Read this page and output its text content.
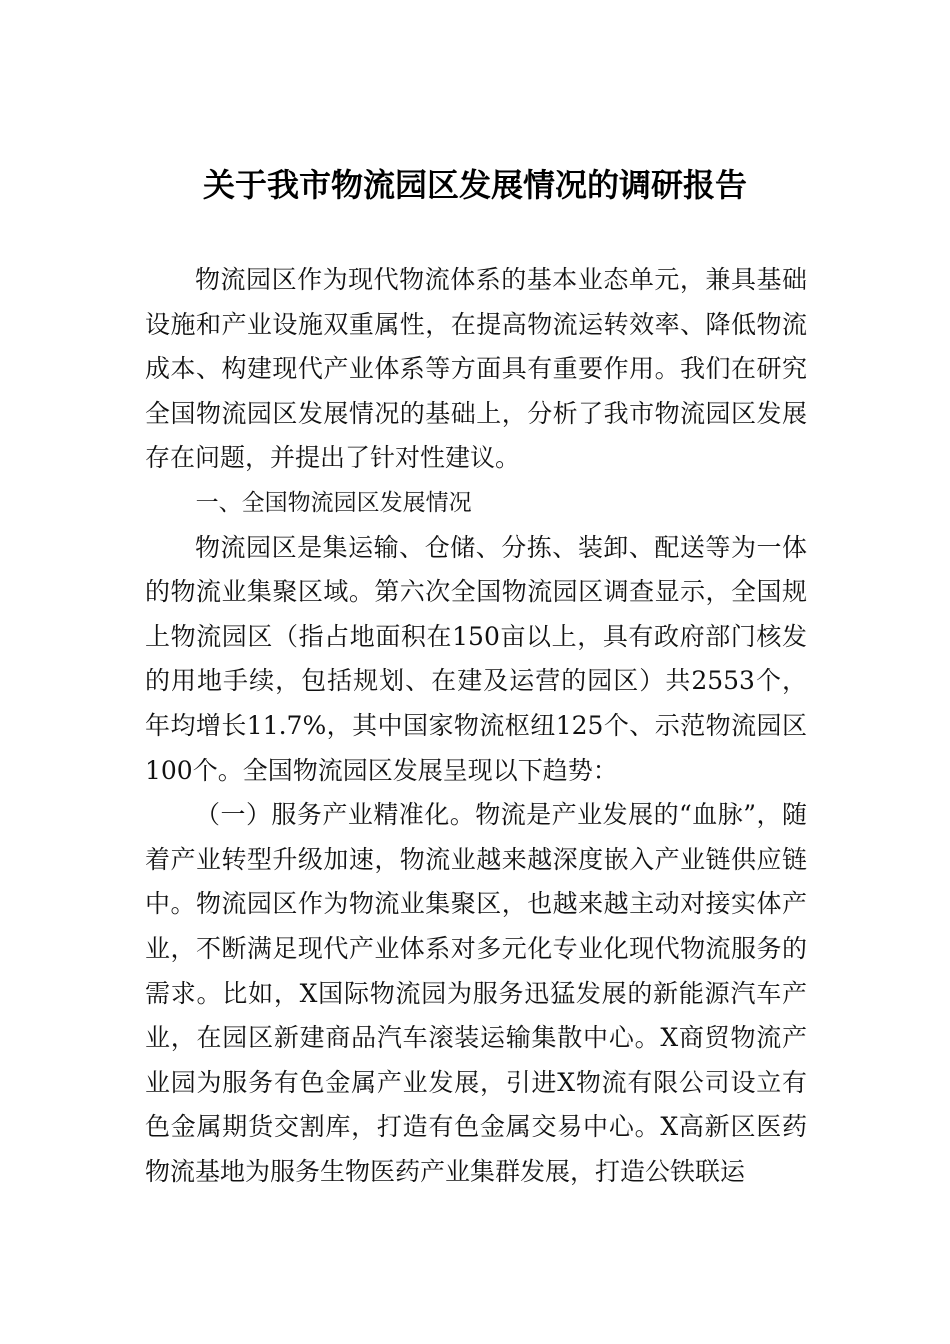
关于我市物流园区发展情况的调研报告

物流园区作为现代物流体系的基本业态单元，兼具基础设施和产业设施双重属性，在提高物流运转效率、降低物流成本、构建现代产业体系等方面具有重要作用。我们在研究全国物流园区发展情况的基础上，分析了我市物流园区发展存在问题，并提出了针对性建议。

一、全国物流园区发展情况

物流园区是集运输、仓储、分拣、装卸、配送等为一体的物流业集聚区域。第六次全国物流园区调查显示，全国规上物流园区（指占地面积在150亩以上，具有政府部门核发的用地手续，包括规划、在建及运营的园区）共2553个，年均增长11.7%，其中国家物流枢纽125个、示范物流园区100个。全国物流园区发展呈现以下趋势：

（一）服务产业精准化。物流是产业发展的“血脉”，随着产业转型升级加速，物流业越来越深度嵌入产业链供应链中。物流园区作为物流业集聚区，也越来越主动对接实体产业，不断满足现代产业体系对多元化专业化现代物流服务的需求。比如，X国际物流园为服务迅猛发展的新能源汽车产业，在园区新建商品汽车滚装运输集散中心。X商贸物流产业园为服务有色金属产业发展，引进X物流有限公司设立有色金属期货交割库，打造有色金属交易中心。X高新区医药物流基地为服务生物医药产业集群发展，打造公铁联运
